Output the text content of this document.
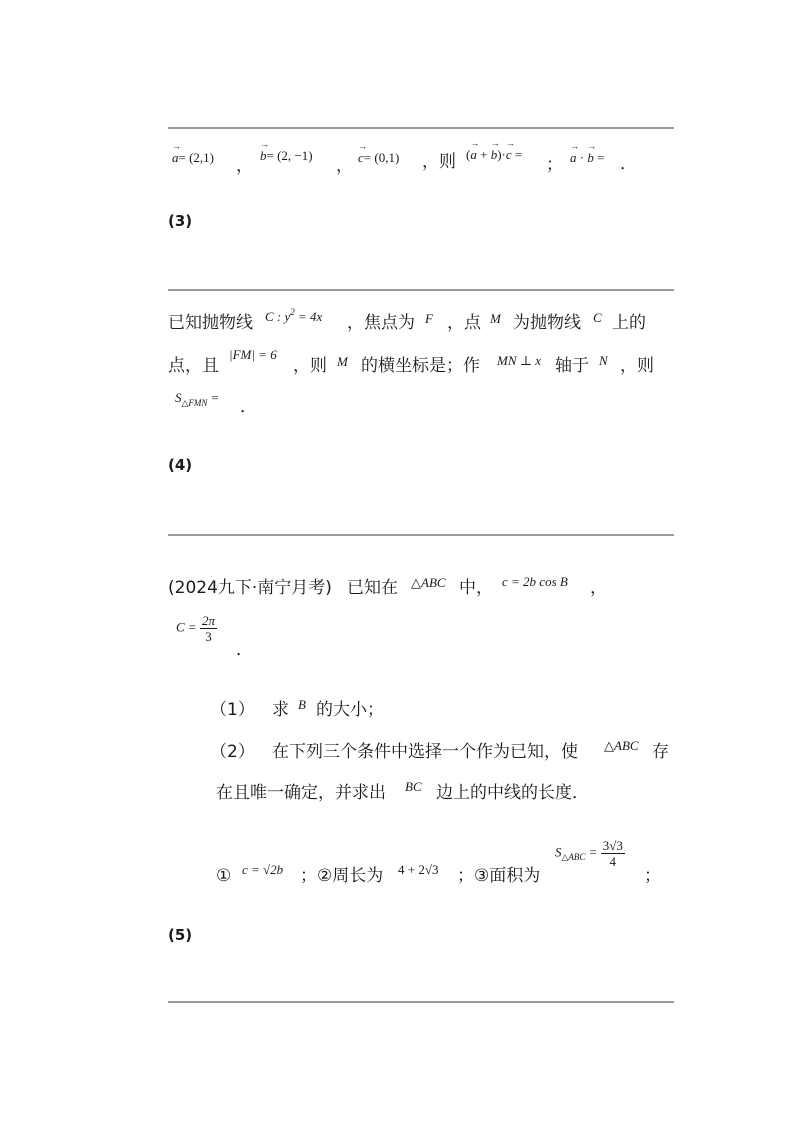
→ a= (2,1) ，
→ b= (2, −1)
， → c= (0,1) ，则 (→ a + → b)·→ c =
； → a · → b = ．
(3)
已知抛物线 C : $y^2 = 4x$ ，焦点为 F ，点 M 为抛物线 C 上的
点，且
|FM| = 6
，则 M 的横坐标是；作 MN ⊥ x 轴于 N ，则
$S_{\triangle FMN}$ = ．
(4)
(2024九下·南宁月考) 已知在 △ABC 中， c = 2b cos B ，
$C = \frac{2\pi}{3}$
．
（1） 求 B 的大小；
（2） 在下列三个条件中选择一个作为已知，使 △ABC 存
在且唯一确定，并求出 BC 边上的中线的长度．
① c = √2b ；②周长为 4 + 2√3 ；③面积为
$S_{\triangle ABC} = \frac{3√3}{4}$
；
(5)
